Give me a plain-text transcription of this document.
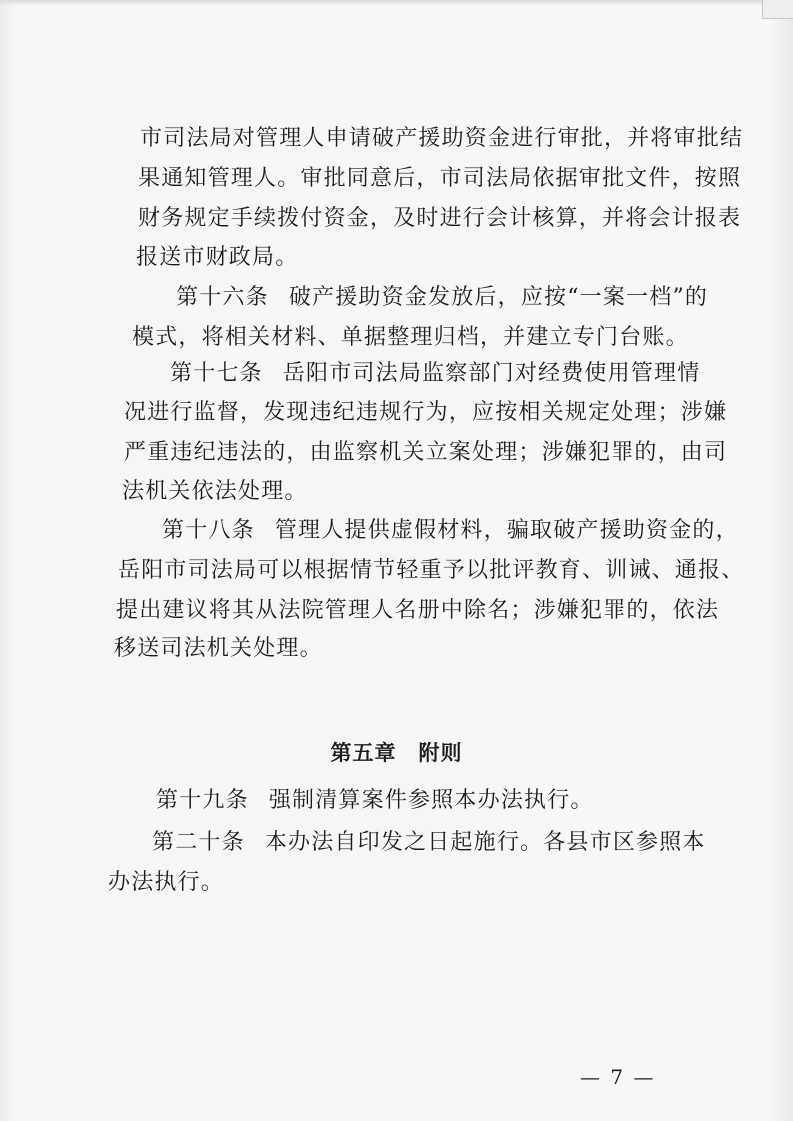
市司法局对管理人申请破产援助资金进行审批，并将审批结
果通知管理人。审批同意后，市司法局依据审批文件，按照
财务规定手续拨付资金，及时进行会计核算，并将会计报表
报送市财政局。
第十六条 破产援助资金发放后，应按“一案一档”的
模式，将相关材料、单据整理归档，并建立专门台账。
第十七条 岳阳市司法局监察部门对经费使用管理情
况进行监督，发现违纪违规行为，应按相关规定处理；涉嫌
严重违纪违法的，由监察机关立案处理；涉嫌犯罪的，由司
法机关依法处理。
第十八条 管理人提供虚假材料，骗取破产援助资金的，
岳阳市司法局可以根据情节轻重予以批评教育、训诫、通报、
提出建议将其从法院管理人名册中除名；涉嫌犯罪的，依法
移送司法机关处理。
第五章 附则
第十九条 强制清算案件参照本办法执行。
第二十条 本办法自印发之日起施行。各县市区参照本
办法执行。
— 7 —
